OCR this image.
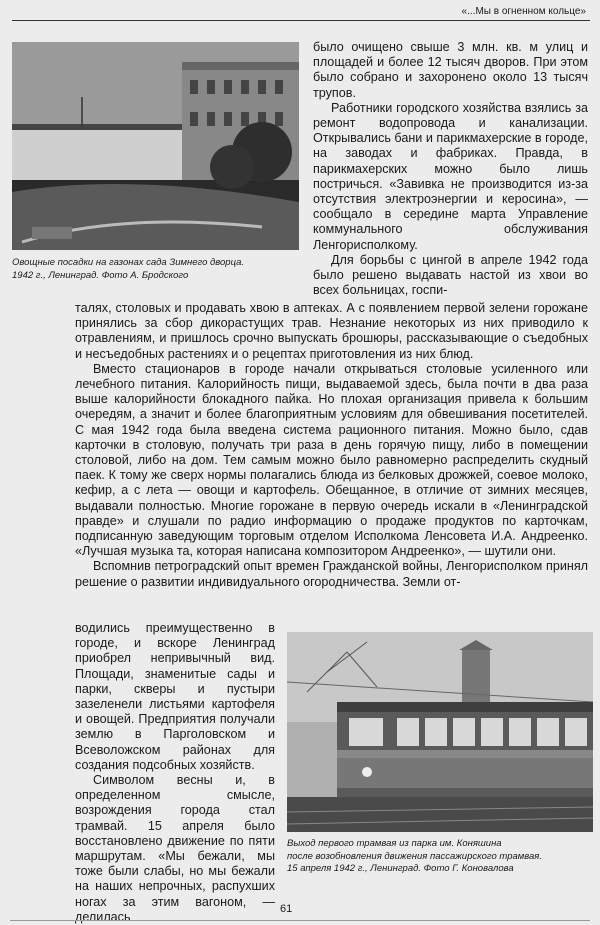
«...Мы в огненном кольце»
Овощные посадки на газонах сада Зимнего дворца.
1942 г., Ленинград. Фото А. Бродского

было очищено свыше 3 млн. кв. м улиц и площадей и более 12 тысяч дворов. При этом было собрано и захоронено около 13 тысяч трупов.

Работники городского хозяйства взялись за ремонт водопровода и канализации. Открывались бани и парикмахерские в городе, на заводах и фабриках. Правда, в парикмахерских можно было лишь постричься. «Завивка не производится из-за отсутствия электроэнергии и керосина», — сообщало в середине марта Управление коммунального обслуживания Ленгорисполкому.

Для борьбы с цингой в апреле 1942 года было решено выдавать настой из хвои во всех больницах, госпи-

талях, столовых и продавать хвою в аптеках. А с появлением первой зелени горожане принялись за сбор дикорастущих трав. Незнание некоторых из них приводило к отравлениям, и пришлось срочно выпускать брошюры, рассказывающие о съедобных и несъедобных растениях и о рецептах приготовления из них блюд.

Вместо стационаров в городе начали открываться столовые усиленного или лечебного питания. Калорийность пищи, выдаваемой здесь, была почти в два раза выше калорийности блокадного пайка. Но плохая организация привела к большим очередям, а значит и более благоприятным условиям для обвешивания посетителей. С мая 1942 года была введена система рационного питания. Можно было, сдав карточки в столовую, получать три раза в день горячую пищу, либо в помещении столовой, либо на дом. Тем самым можно было равномерно распределить скудный паек. К тому же сверх нормы полагались блюда из белковых дрожжей, соевое молоко, кефир, а с лета — овощи и картофель. Обещанное, в отличие от зимних месяцев, выдавали полностью. Многие горожане в первую очередь искали в «Ленинградской правде» и слушали по радио информацию о продаже продуктов по карточкам, подписанную заведующим торговым отделом Исполкома Ленсовета И.А. Андреенко. «Лучшая музыка та, которая написана композитором Андреенко», — шутили они.

Вспомнив петроградский опыт времен Гражданской войны, Ленгорисполком принял решение о развитии индивидуального огородничества. Земли от-

водились преимущественно в городе, и вскоре Ленинград приобрел непривычный вид. Площади, знаменитые сады и парки, скверы и пустыри зазеленели листьями картофеля и овощей. Предприятия получали землю в Парголовском и Всеволожском районах для создания подсобных хозяйств.

Символом весны и, в определенном смысле, возрождения города стал трамвай. 15 апреля было восстановлено движение по пяти маршрутам. «Мы бежали, мы тоже были слабы, но мы бежали на наших непрочных, распухших ногах за этим вагоном, — делилась

Выход первого трамвая из парка им. Коняшина
после возобновления движения пассажирского трамвая.
15 апреля 1942 г., Ленинград. Фото Г. Коновалова
61
